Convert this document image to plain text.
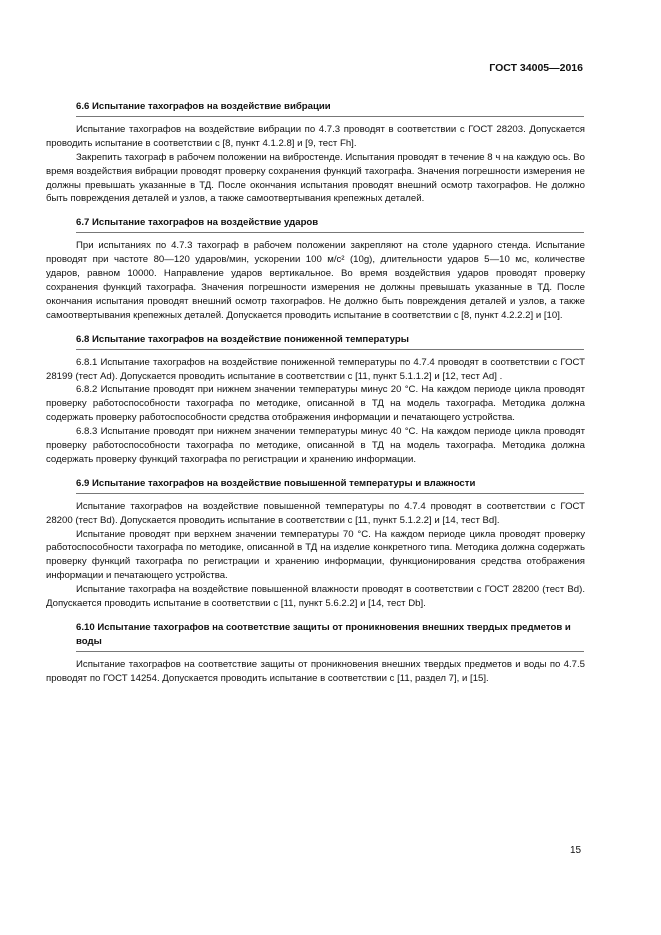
ГОСТ 34005—2016

6.6 Испытание тахографов на воздействие вибрации

Испытание тахографов на воздействие вибрации по 4.7.3 проводят в соответствии с ГОСТ 28203. Допускается проводить испытание в соответствии с [8, пункт 4.1.2.8] и [9, тест Fh].

Закрепить тахограф в рабочем положении на вибростенде. Испытания проводят в течение 8 ч на каждую ось. Во время воздействия вибрации проводят проверку сохранения функций тахографа. Значения погрешности измерения не должны превышать указанные в ТД. После окончания испытания проводят внешний осмотр тахографов. Не должно быть повреждения деталей и узлов, а также самоотвертывания крепежных деталей.

6.7 Испытание тахографов на воздействие ударов

При испытаниях по 4.7.3 тахограф в рабочем положении закрепляют на столе ударного стенда. Испытание проводят при частоте 80—120 ударов/мин, ускорении 100 м/с² (10g), длительности ударов 5—10 мс, количестве ударов, равном 10000. Направление ударов вертикальное. Во время воздействия ударов проводят проверку сохранения функций тахографа. Значения погрешности измерения не должны превышать указанные в ТД. После окончания испытания проводят внешний осмотр тахографов. Не должно быть повреждения деталей и узлов, а также самоотвертывания крепежных деталей. Допускается проводить испытание в соответствии с [8, пункт 4.2.2.2] и [10].

6.8 Испытание тахографов на воздействие пониженной температуры

6.8.1 Испытание тахографов на воздействие пониженной температуры по 4.7.4 проводят в соответствии с ГОСТ 28199 (тест Ad). Допускается проводить испытание в соответствии с [11, пункт 5.1.1.2] и [12, тест Ad] .

6.8.2 Испытание проводят при нижнем значении температуры минус 20 °С. На каждом периоде цикла проводят проверку работоспособности тахографа по методике, описанной в ТД на модель тахографа. Методика должна содержать проверку работоспособности средства отображения информации и печатающего устройства.

6.8.3 Испытание проводят при нижнем значении температуры минус 40 °С. На каждом периоде цикла проводят проверку работоспособности тахографа по методике, описанной в ТД на модель тахографа. Методика должна содержать проверку функций тахографа по регистрации и хранению информации.

6.9 Испытание тахографов на воздействие повышенной температуры и влажности

Испытание тахографов на воздействие повышенной температуры по 4.7.4 проводят в соответствии с ГОСТ 28200 (тест Bd). Допускается проводить испытание в соответствии с [11, пункт 5.1.2.2] и [14, тест Bd].

Испытание проводят при верхнем значении температуры 70 °С. На каждом периоде цикла проводят проверку работоспособности тахографа по методике, описанной в ТД на изделие конкретного типа. Методика должна содержать проверку функций тахографа по регистрации и хранению информации, функционирования средства отображения информации и печатающего устройства.

Испытание тахографа на воздействие повышенной влажности проводят в соответствии с ГОСТ 28200 (тест Bd). Допускается проводить испытание в соответствии с [11, пункт 5.6.2.2] и [14, тест Db].

6.10 Испытание тахографов на соответствие защиты от проникновения внешних твердых предметов и воды

Испытание тахографов на соответствие защиты от проникновения внешних твердых предметов и воды по 4.7.5 проводят по ГОСТ 14254. Допускается проводить испытание в соответствии с [11, раздел 7], и [15].

15
